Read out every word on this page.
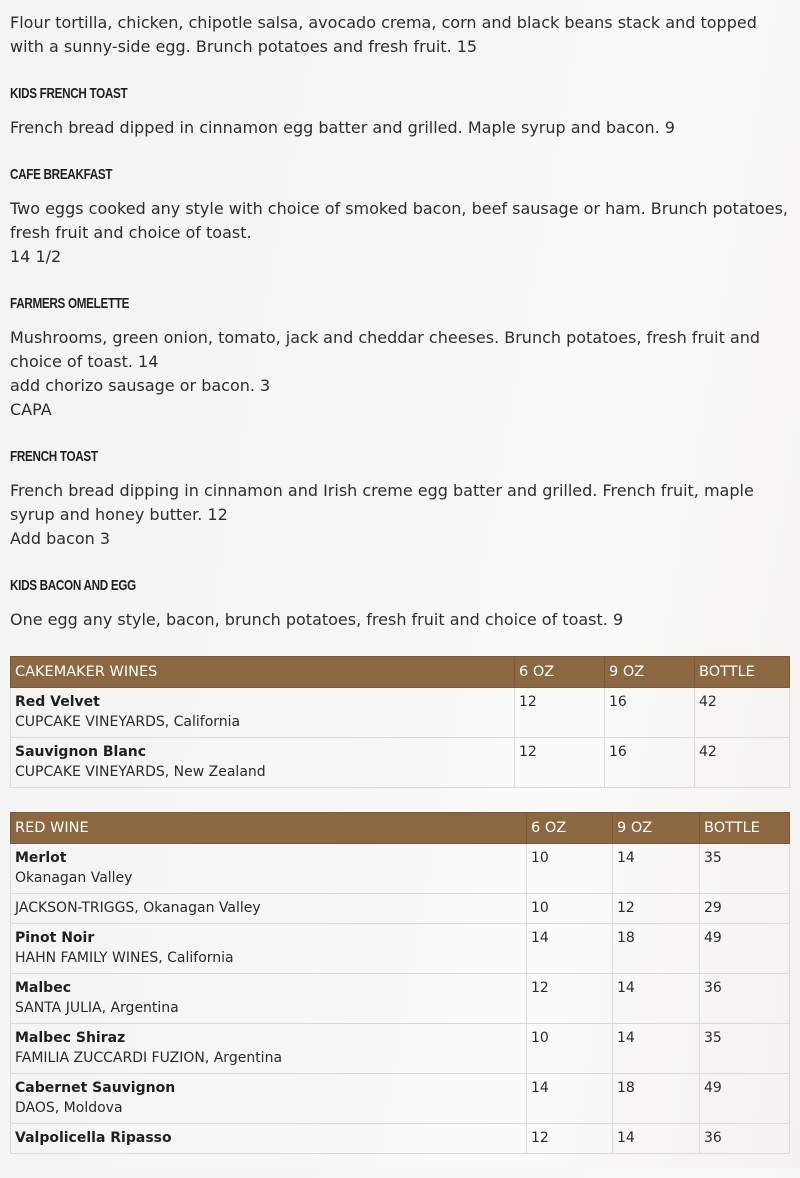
Flour tortilla, chicken, chipotle salsa, avocado crema, corn and black beans stack and topped with a sunny-side egg. Brunch potatoes and fresh fruit. 15

KIDS FRENCH TOAST

French bread dipped in cinnamon egg batter and grilled. Maple syrup and bacon. 9

CAFE BREAKFAST

Two eggs cooked any style with choice of smoked bacon, beef sausage or ham. Brunch potatoes, fresh fruit and choice of toast.

14 1/2

FARMERS OMELETTE

Mushrooms, green onion, tomato, jack and cheddar cheeses. Brunch potatoes, fresh fruit and choice of toast. 14

add chorizo sausage or bacon. 3

CAPA

FRENCH TOAST

French bread dipping in cinnamon and Irish creme egg batter and grilled. French fruit, maple syrup and honey butter. 12

Add bacon 3

KIDS BACON AND EGG

One egg any style, bacon, brunch potatoes, fresh fruit and choice of toast. 9

CAKEMAKER WINES	6 OZ	9 OZ	BOTTLE

Red Velvet
CUPCAKE VINEYARDS, California	12	16	42

Sauvignon Blanc
CUPCAKE VINEYARDS, New Zealand	12	16	42
RED WINE	6 OZ	9 OZ	BOTTLE

Merlot
Okanagan Valley	10	14	35

JACKSON-TRIGGS, Okanagan Valley	10	12	29

Pinot Noir
HAHN FAMILY WINES, California	14	18	49

Malbec
SANTA JULIA, Argentina	12	14	36

Malbec Shiraz
FAMILIA ZUCCARDI FUZION, Argentina	10	14	35

Cabernet Sauvignon
DAOS, Moldova	14	18	49

Valpolicella Ripasso	12	14	36
